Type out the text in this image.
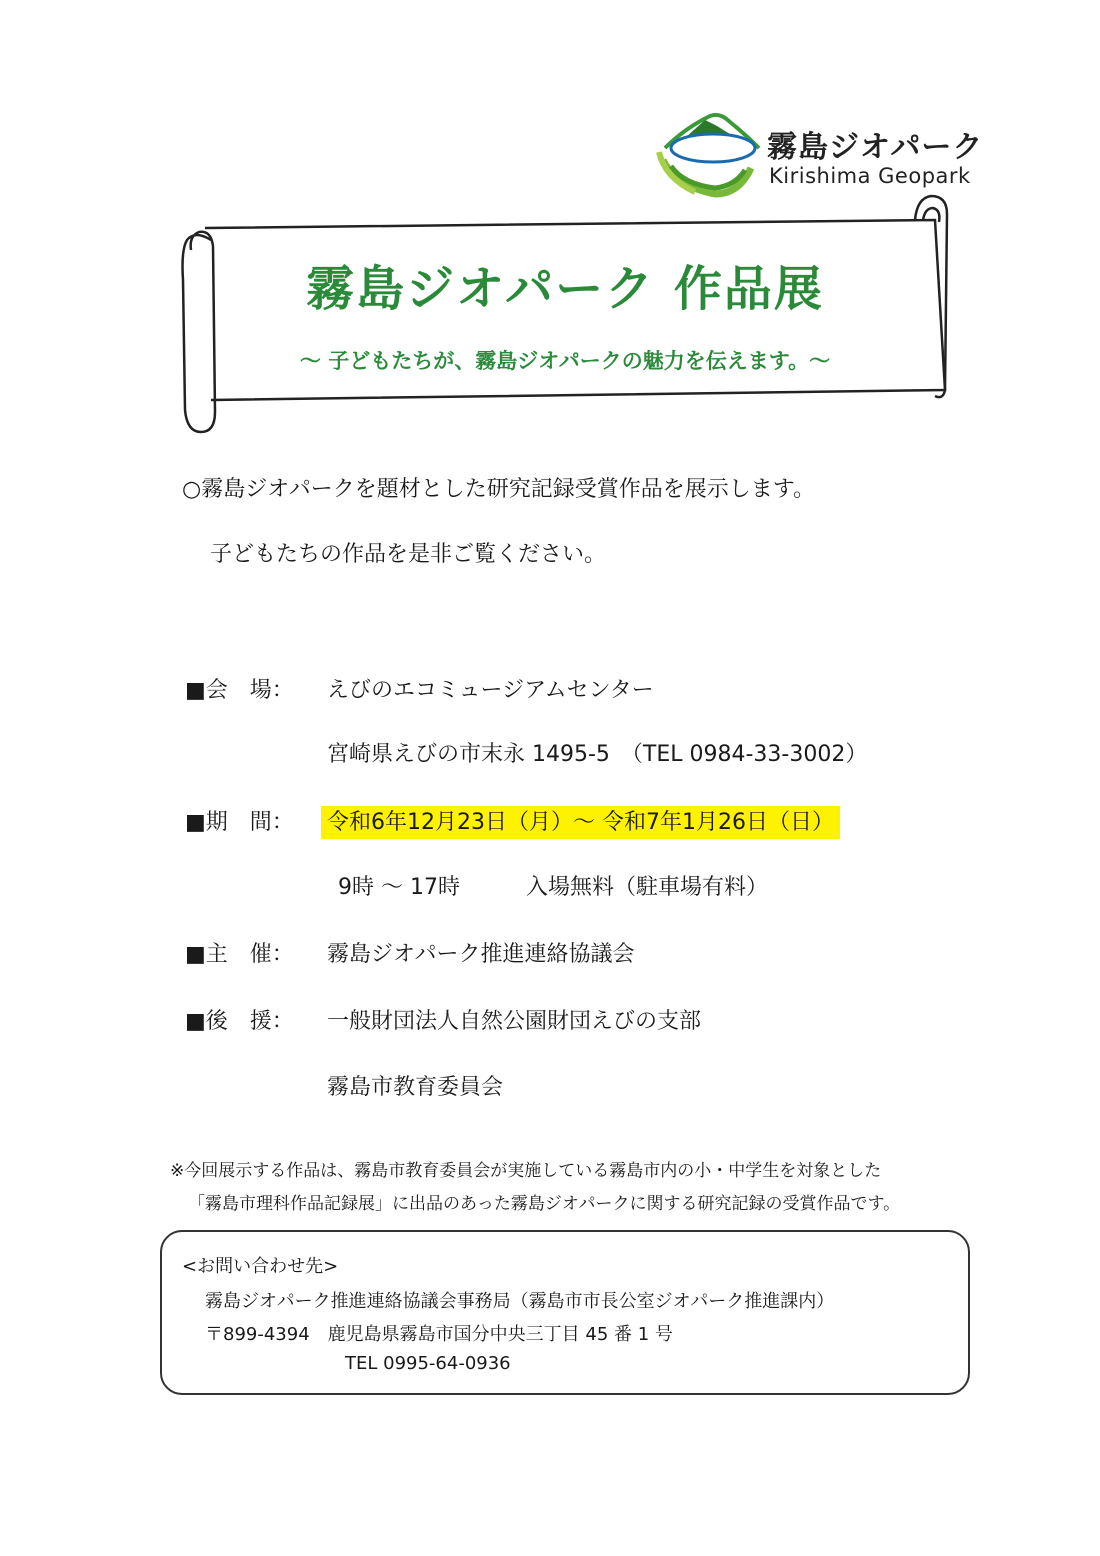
霧島ジオパーク
Kirishima Geopark
霧島ジオパーク 作品展
～ 子どもたちが、霧島ジオパークの魅力を伝えます。～
○霧島ジオパークを題材とした研究記録受賞作品を展示します。
子どもたちの作品を是非ご覧ください。
■会　場： えびのエコミュージアムセンター
宮崎県えびの市末永 1495-5　（TEL 0984-33-3002）
■期　間： 令和6年12月23日（月）～ 令和7年1月26日（日）
9時 ～ 17時　　　入場無料（駐車場有料）
■主　催： 霧島ジオパーク推進連絡協議会
■後　援： 一般財団法人自然公園財団えびの支部
霧島市教育委員会
※今回展示する作品は、霧島市教育委員会が実施している霧島市内の小・中学生を対象とした
「霧島市理科作品記録展」に出品のあった霧島ジオパークに関する研究記録の受賞作品です。
<お問い合わせ先>
霧島ジオパーク推進連絡協議会事務局（霧島市市長公室ジオパーク推進課内）
〒899-4394　鹿児島県霧島市国分中央三丁目 45 番 1 号
TEL 0995-64-0936
